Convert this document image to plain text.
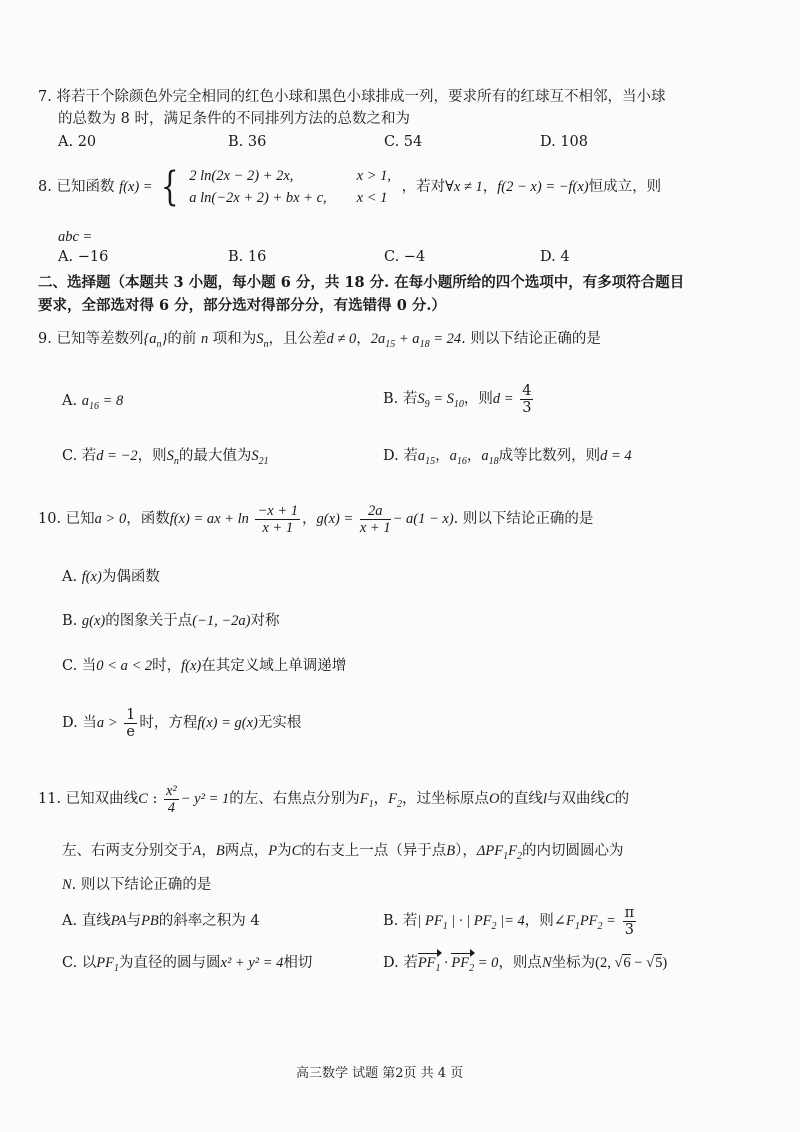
7. 将若干个除颜色外完全相同的红色小球和黑色小球排成一列，要求所有的红球互不相邻，当小球
的总数为 8 时，满足条件的不同排列方法的总数之和为
A. 20	B. 36	C. 54	D. 108
8. 已知函数 f(x) = { 2 ln(2x − 2) + 2x,		x > 1,
a ln(−2x + 2) + bx + c,		x < 1 ，若对∀x ≠ 1，f(2 − x) = −f(x)恒成立，则
abc =
A. −16	B. 16	C. −4	D. 4
二、选择题（本题共 3 小题，每小题 6 分，共 18 分. 在每小题所给的四个选项中，有多项符合题目
要求，全部选对得 6 分，部分选对得部分分，有选错得 0 分.）
9. 已知等差数列$\{a_n\}$的前 n 项和为$S_n$，且公差d ≠ 0，$2a_{15} + a_{18} = 24$. 则以下结论正确的是
A. $a_{16} = 8$	B. 若$S_9 = S_{10}$，则$d = \frac{4}{3}$
C. 若d = −2，则$S_n$的最大值为$S_{21}$	D. 若$a_{15}$，$a_{16}$，$a_{18}$成等比数列，则d = 4
10. 已知a > 0，函数f(x) = ax + $\ln \frac{-x + 1}{x + 1}$ ，$g(x) = \frac{2a}{x + 1} - a(1 - x)$. 则以下结论正确的是
A. f(x)为偶函数
B. g(x)的图象关于点(−1, −2a)对称
C. 当0 < a < 2时，f(x)在其定义域上单调递增
D. 当$a > \frac{1}{e}$ 时，方程f(x) = g(x)无实根
11. 已知双曲线C : $\frac{\text{x²}}{4} - y^2 = 1$的左、右焦点分别为$F_1$，$F_2$，过坐标原点O的直线l与双曲线C的
左、右两支分别交于A，B两点，P为C的右支上一点（异于点B），$\Delta PF_1F_2$的内切圆圆心为
N. 则以下结论正确的是
A. 直线PA与PB的斜率之积为 4	B. 若| $PF_1$ | · | $PF_2$ |= 4，则$\angle F_1PF_2 = \frac{\pi}{3}$
C. 以$PF_1$为直径的圆与圆x² + y² = 4相切	D. 若$PF_1 \cdot PF_2 = 0$，则点N坐标为(2, √6 − √5)
高三数学 试题 第2页 共 4 页
